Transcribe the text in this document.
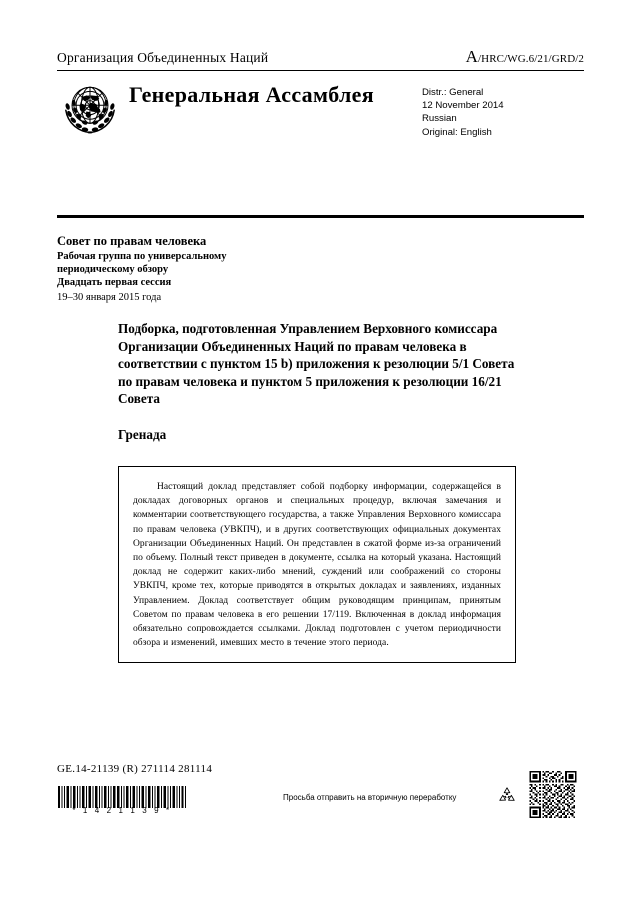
Организация Объединенных Наций	A/HRC/WG.6/21/GRD/2
Генеральная Ассамблея	Distr.: General
12 November 2014
Russian
Original: English

Совет по правам человека

Рабочая группа по универсальному

периодическому обзору

Двадцать первая сессия

19–30 января 2015 года

Подборка, подготовленная Управлением Верховного комиссара Организации Объединенных Наций по правам человека в соответствии с пунктом 15 b) приложения к резолюции 5/1 Совета по правам человека и пунктом 5 приложения к резолюции 16/21 Совета
Гренада

Настоящий доклад представляет собой подборку информации, содержащейся в докладах договорных органов и специальных процедур, включая замечания и комментарии соответствующего государства, а также Управления Верховного комиссара по правам человека (УВКПЧ), и в других соответствующих официальных документах Организации Объединенных Наций. Он представлен в сжатой форме из-за ограничений по объему. Полный текст приведен в документе, ссылка на который указана. Настоящий доклад не содержит каких-либо мнений, суждений или соображений со стороны УВКПЧ, кроме тех, которые приводятся в открытых докладах и заявлениях, изданных Управлением. Доклад соответствует общим руководящим принципам, принятым Советом по правам человека в его решении 17/119. Включенная в доклад информация обязательно сопровождается ссылками. Доклад подготовлен с учетом периодичности обзора и изменений, имевших место в течение этого периода.

GE.14-21139 (R) 271114 281114
* 1 4 2 1 1 3 9 *
Просьба отправить на вторичную переработку
